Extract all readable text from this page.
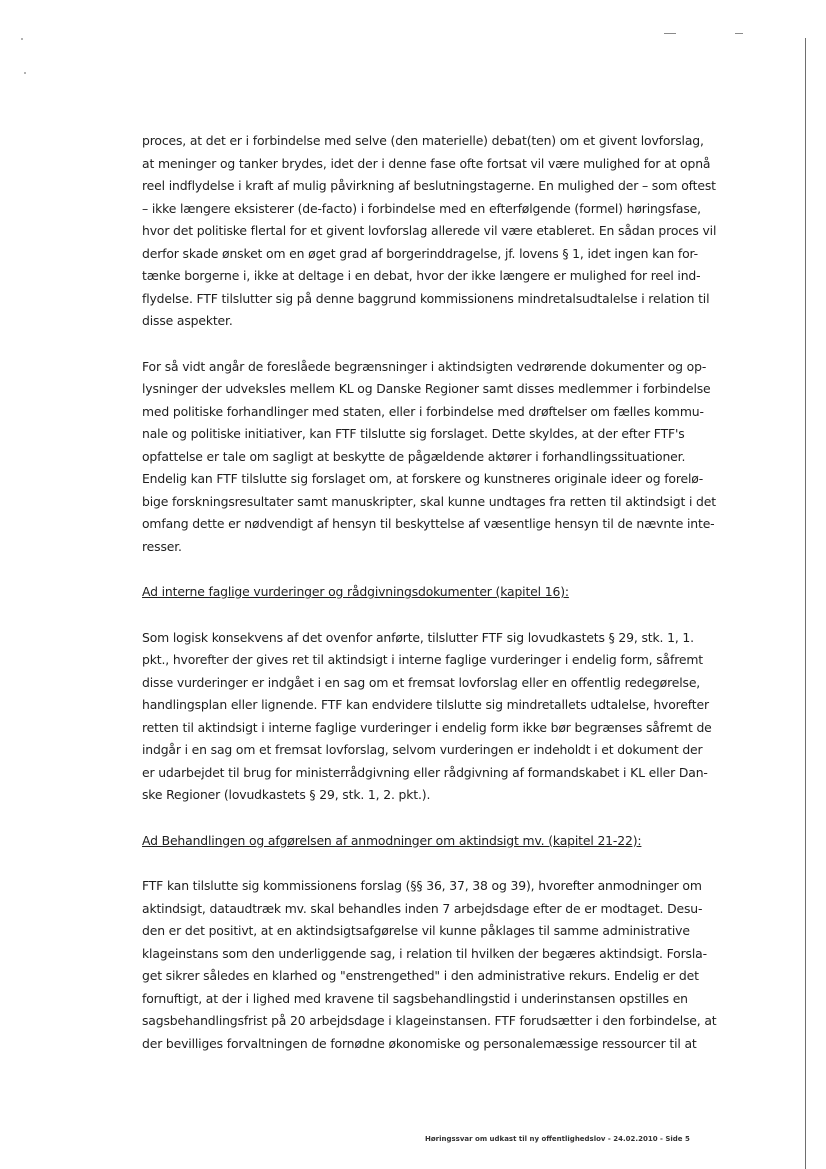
proces, at det er i forbindelse med selve (den materielle) debat(ten) om et givent lovforslag,
at meninger og tanker brydes, idet der i denne fase ofte fortsat vil være mulighed for at opnå
reel indflydelse i kraft af mulig påvirkning af beslutningstagerne. En mulighed der – som oftest
– ikke længere eksisterer (de-facto) i forbindelse med en efterfølgende (formel) høringsfase,
hvor det politiske flertal for et givent lovforslag allerede vil være etableret. En sådan proces vil
derfor skade ønsket om en øget grad af borgerinddragelse, jf. lovens § 1, idet ingen kan for-
tænke borgerne i, ikke at deltage i en debat, hvor der ikke længere er mulighed for reel ind-
flydelse. FTF tilslutter sig på denne baggrund kommissionens mindretalsudtalelse i relation til
disse aspekter.

For så vidt angår de foreslåede begrænsninger i aktindsigten vedrørende dokumenter og op-
lysninger der udveksles mellem KL og Danske Regioner samt disses medlemmer i forbindelse
med politiske forhandlinger med staten, eller i forbindelse med drøftelser om fælles kommu-
nale og politiske initiativer, kan FTF tilslutte sig forslaget. Dette skyldes, at der efter FTF's
opfattelse er tale om sagligt at beskytte de pågældende aktører i forhandlingssituationer.
Endelig kan FTF tilslutte sig forslaget om, at forskere og kunstneres originale ideer og forelø-
bige forskningsresultater samt manuskripter, skal kunne undtages fra retten til aktindsigt i det
omfang dette er nødvendigt af hensyn til beskyttelse af væsentlige hensyn til de nævnte inte-
resser.

Ad interne faglige vurderinger og rådgivningsdokumenter (kapitel 16):

Som logisk konsekvens af det ovenfor anførte, tilslutter FTF sig lovudkastets § 29, stk. 1, 1.
pkt., hvorefter der gives ret til aktindsigt i interne faglige vurderinger i endelig form, såfremt
disse vurderinger er indgået i en sag om et fremsat lovforslag eller en offentlig redegørelse,
handlingsplan eller lignende. FTF kan endvidere tilslutte sig mindretallets udtalelse, hvorefter
retten til aktindsigt i interne faglige vurderinger i endelig form ikke bør begrænses såfremt de
indgår i en sag om et fremsat lovforslag, selvom vurderingen er indeholdt i et dokument der
er udarbejdet til brug for ministerrådgivning eller rådgivning af formandskabet i KL eller Dan-
ske Regioner (lovudkastets § 29, stk. 1, 2. pkt.).

Ad Behandlingen og afgørelsen af anmodninger om aktindsigt mv. (kapitel 21-22):

FTF kan tilslutte sig kommissionens forslag (§§ 36, 37, 38 og 39), hvorefter anmodninger om
aktindsigt, dataudtræk mv. skal behandles inden 7 arbejdsdage efter de er modtaget. Desu-
den er det positivt, at en aktindsigtsafgørelse vil kunne påklages til samme administrative
klageinstans som den underliggende sag, i relation til hvilken der begæres aktindsigt. Forsla-
get sikrer således en klarhed og "enstrengethed" i den administrative rekurs. Endelig er det
fornuftigt, at der i lighed med kravene til sagsbehandlingstid i underinstansen opstilles en
sagsbehandlingsfrist på 20 arbejdsdage i klageinstansen. FTF forudsætter i den forbindelse, at
der bevilliges forvaltningen de fornødne økonomiske og personalemæssige ressourcer til at

Høringssvar om udkast til ny offentlighedslov - 24.02.2010 - Side 5
